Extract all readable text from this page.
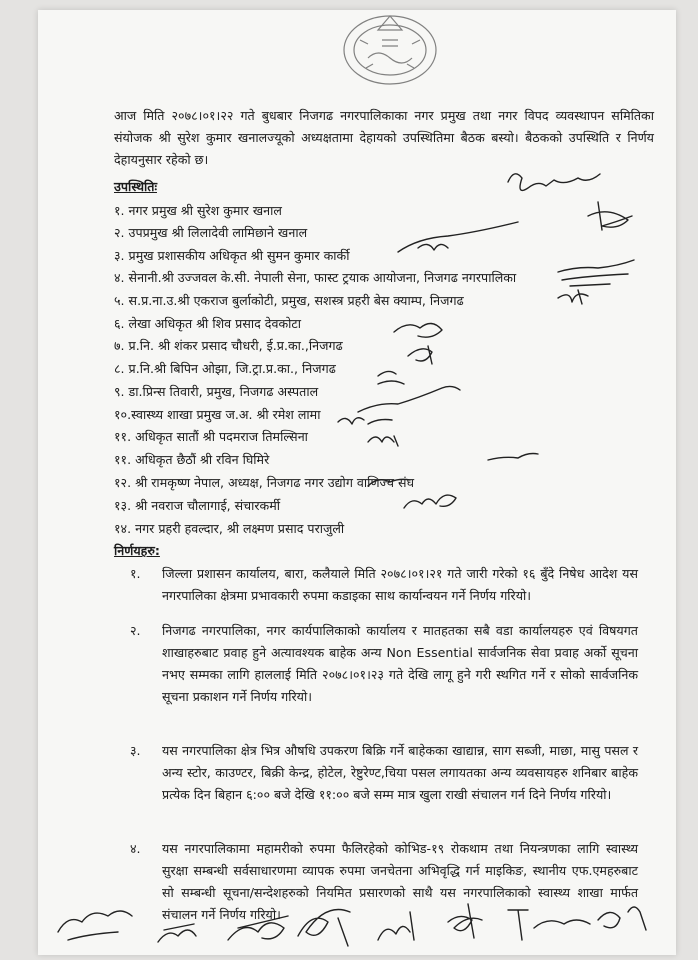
आज मिति २०७८।०१।२२ गते बुधबार निजगढ नगरपालिकाका नगर प्रमुख तथा नगर विपद व्यवस्थापन समितिका संयोजक श्री सुरेश कुमार खनालज्यूको अध्यक्षतामा देहायको उपस्थितिमा बैठक बस्यो। बैठकको उपस्थिति र निर्णय देहायनुसार रहेको छ।

उपस्थितिः
१. नगर प्रमुख श्री सुरेश कुमार खनाल
२. उपप्रमुख श्री लिलादेवी लामिछाने खनाल
३. प्रमुख प्रशासकीय अधिकृत श्री सुमन कुमार कार्की
४. सेनानी.श्री उज्जवल के.सी. नेपाली सेना, फास्ट ट्रयाक आयोजना, निजगढ नगरपालिका
५. स.प्र.ना.उ.श्री एकराज बुर्लाकोटी, प्रमुख, सशस्त्र प्रहरी बेस क्याम्प, निजगढ
६. लेखा अधिकृत श्री शिव प्रसाद देवकोटा
७. प्र.नि. श्री शंकर प्रसाद चौधरी, ई.प्र.का.,निजगढ
८. प्र.नि.श्री बिपिन ओझा, जि.ट्रा.प्र.का., निजगढ
९. डा.प्रिन्स तिवारी, प्रमुख, निजगढ अस्पताल
१०.स्वास्थ्य शाखा प्रमुख ज.अ. श्री रमेश लामा
११. अधिकृत सातौं श्री पदमराज तिमल्सिना
११. अधिकृत छैठौं श्री रविन घिमिरे
१२. श्री रामकृष्ण नेपाल, अध्यक्ष, निजगढ नगर उद्योग वाणिज्य संघ
१३. श्री नवराज चौलागाई, संचारकर्मी
१४. नगर प्रहरी हवल्दार, श्री लक्ष्मण प्रसाद पराजुली
निर्णयहरु:
१. जिल्ला प्रशासन कार्यालय, बारा, कलैयाले मिति २०७८।०१।२१ गते जारी गरेको १६ बुँदे निषेध आदेश यस नगरपालिका क्षेत्रमा प्रभावकारी रुपमा कडाइका साथ कार्यान्वयन गर्ने निर्णय गरियो।
२. निजगढ नगरपालिका, नगर कार्यपालिकाको कार्यालय र मातहतका सबै वडा कार्यालयहरु एवं विषयगत शाखाहरुबाट प्रवाह हुने अत्यावश्यक बाहेक अन्य Non Essential सार्वजनिक सेवा प्रवाह अर्को सूचना नभए सम्मका लागि हाललाई मिति २०७८।०१।२३ गते देखि लागू हुने गरी स्थगित गर्ने र सोको सार्वजनिक सूचना प्रकाशन गर्ने निर्णय गरियो।
३. यस नगरपालिका क्षेत्र भित्र औषधि उपकरण बिक्रि गर्ने बाहेकका खाद्यान्न, साग सब्जी, माछा, मासु पसल र अन्य स्टोर, काउण्टर, बिक्री केन्द्र, होटेल, रेष्टुरेण्ट,चिया पसल लगायतका अन्य व्यवसायहरु शनिबार बाहेक प्रत्येक दिन बिहान ६:०० बजे देखि ११:०० बजे सम्म मात्र खुला राखी संचालन गर्न दिने निर्णय गरियो।
४. यस नगरपालिकामा महामरीको रुपमा फैलिरहेको कोभिड-१९ रोकथाम तथा नियन्त्रणका लागि स्वास्थ्य सुरक्षा सम्बन्धी सर्वसाधारणमा व्यापक रुपमा जनचेतना अभिवृद्धि गर्न माइकिङ, स्थानीय एफ.एमहरुबाट सो सम्बन्धी सूचना/सन्देशहरुको नियमित प्रसारणको साथै यस नगरपालिकाको स्वास्थ्य शाखा मार्फत संचालन गर्ने निर्णय गरियो।
